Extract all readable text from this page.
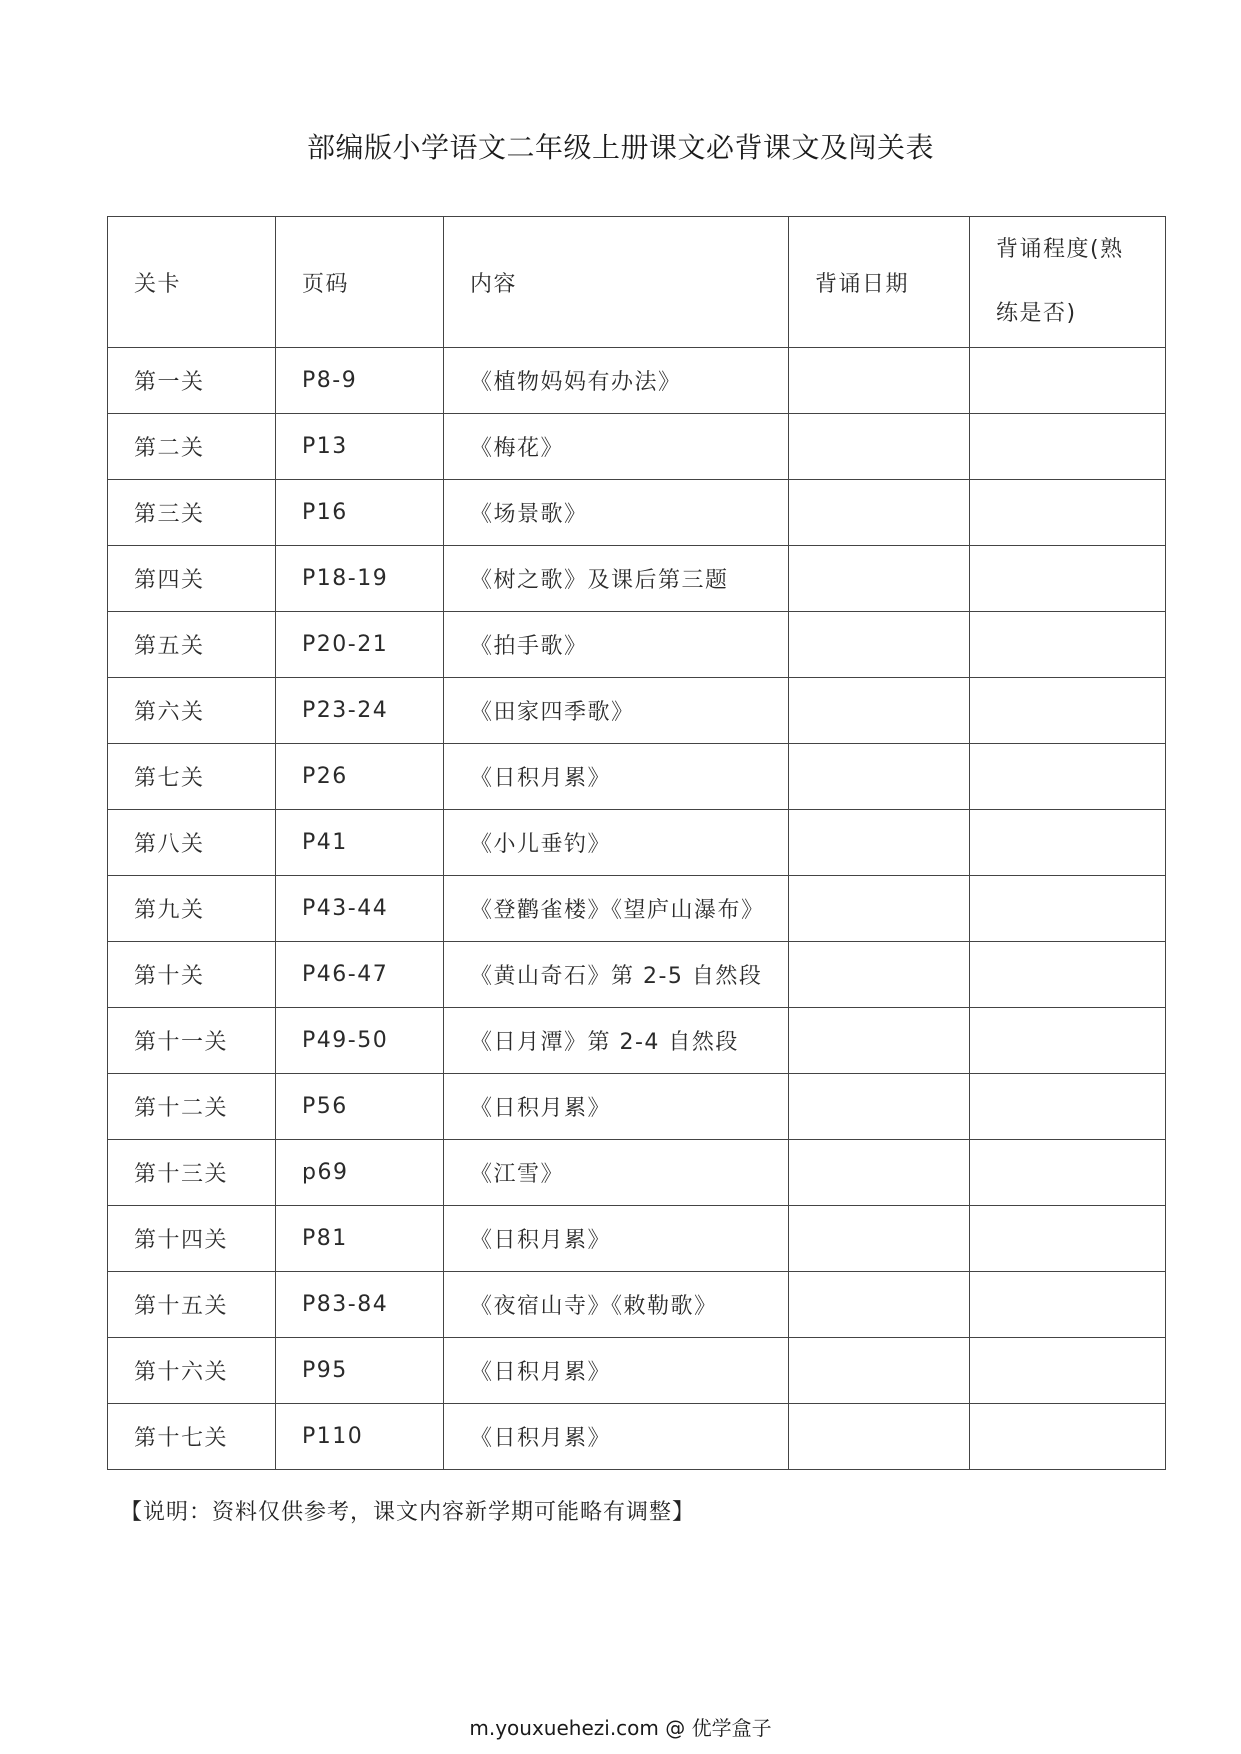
部编版小学语文二年级上册课文必背课文及闯关表
关卡	页码	内容	背诵日期	背诵程度(熟练是否)
第一关	P8-9	《植物妈妈有办法》		
第二关	P13	《梅花》		
第三关	P16	《场景歌》		
第四关	P18-19	《树之歌》及课后第三题		
第五关	P20-21	《拍手歌》		
第六关	P23-24	《田家四季歌》		
第七关	P26	《日积月累》		
第八关	P41	《小儿垂钓》		
第九关	P43-44	《登鹳雀楼》《望庐山瀑布》		
第十关	P46-47	《黄山奇石》第 2-5 自然段		
第十一关	P49-50	《日月潭》第 2-4 自然段		
第十二关	P56	《日积月累》		
第十三关	p69	《江雪》		
第十四关	P81	《日积月累》		
第十五关	P83-84	《夜宿山寺》《敕勒歌》		
第十六关	P95	《日积月累》		
第十七关	P110	《日积月累》		
【说明：资料仅供参考，课文内容新学期可能略有调整】
m.youxuehezi.com @ 优学盒子
